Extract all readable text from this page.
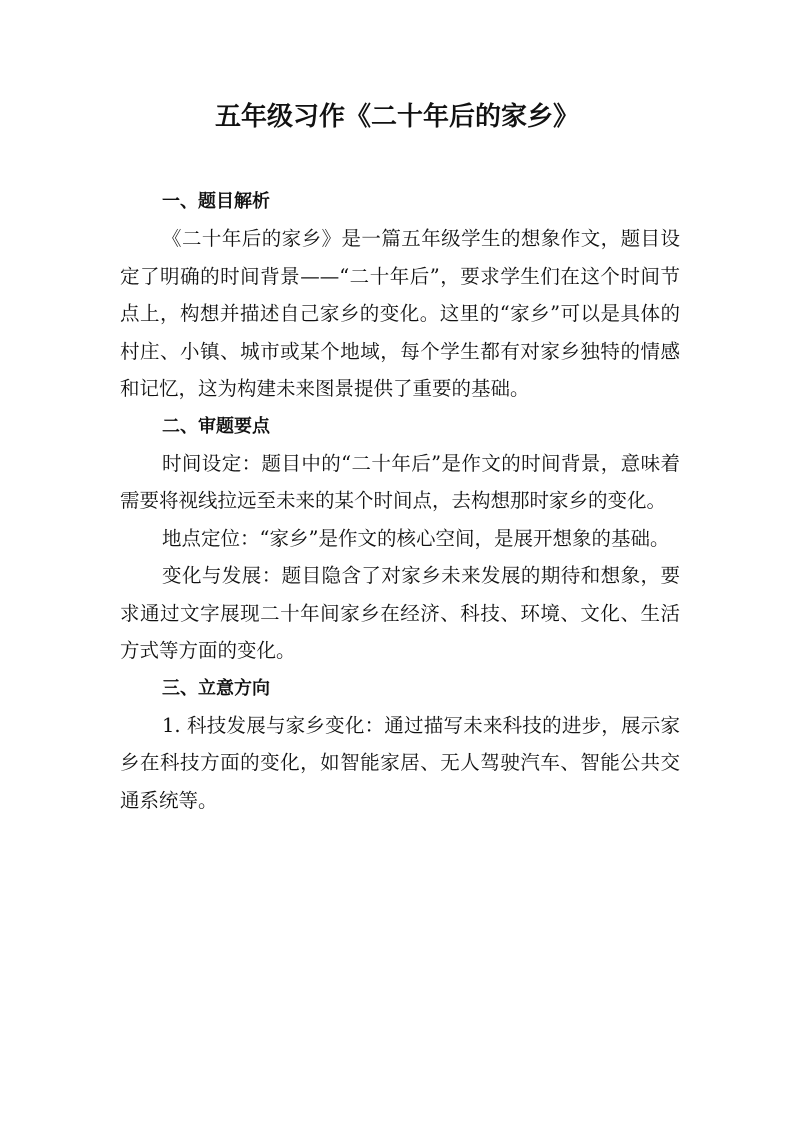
五年级习作《二十年后的家乡》
一、题目解析

《二十年后的家乡》是一篇五年级学生的想象作文，题目设定了明确的时间背景——“二十年后”，要求学生们在这个时间节点上，构想并描述自己家乡的变化。这里的“家乡”可以是具体的村庄、小镇、城市或某个地域，每个学生都有对家乡独特的情感和记忆，这为构建未来图景提供了重要的基础。

二、审题要点

时间设定：题目中的“二十年后”是作文的时间背景，意味着需要将视线拉远至未来的某个时间点，去构想那时家乡的变化。

地点定位：“家乡”是作文的核心空间，是展开想象的基础。

变化与发展：题目隐含了对家乡未来发展的期待和想象，要求通过文字展现二十年间家乡在经济、科技、环境、文化、生活方式等方面的变化。

三、立意方向

1. 科技发展与家乡变化：通过描写未来科技的进步，展示家乡在科技方面的变化，如智能家居、无人驾驶汽车、智能公共交通系统等。
